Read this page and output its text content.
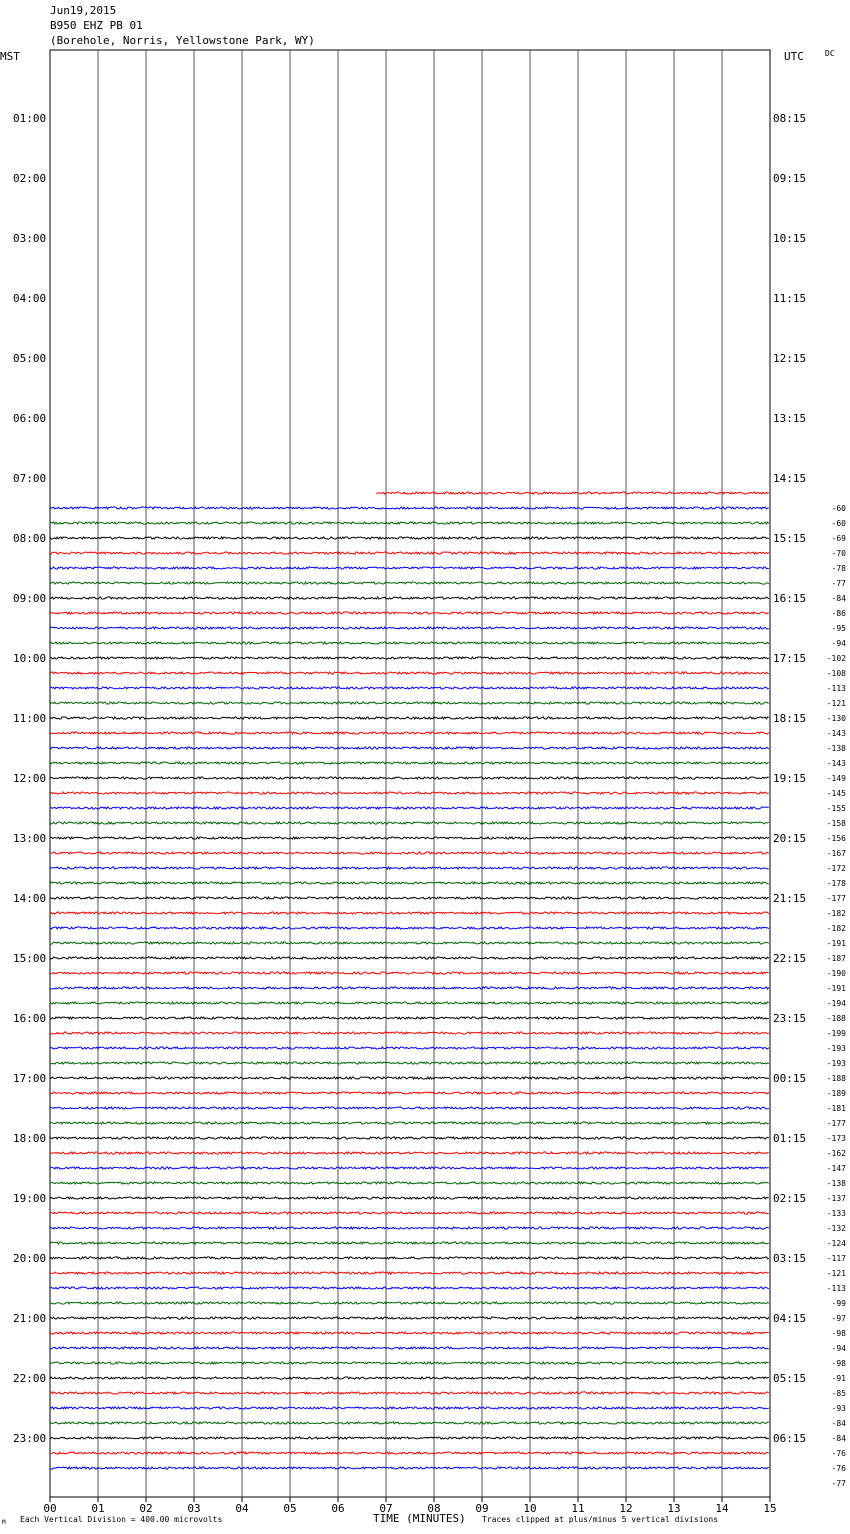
Jun19,2015
B950 EHZ PB 01
(Borehole, Norris, Yellowstone Park, WY)
MST	UTC	DC
M Each Vertical Division = 400.00 microvolts	TIME (MINUTES) Traces clipped at plus/minus 5 vertical divisions
00	01	02	03	04	05	06	07	08	09	10	11	12	13	14	15
01:00
02:00
03:00
04:00
05:00
06:00
07:00
08:00
09:00
10:00
11:00
12:00
13:00
14:00
15:00
16:00
17:00
18:00
19:00
20:00
21:00
22:00
23:00
08:15
09:15
10:15
11:15
12:15
13:15
14:15
15:15
16:15
17:15
18:15
19:15
20:15
21:15
22:15
23:15
00:15
01:15
02:15
03:15
04:15
05:15
06:15
-60
-60
-69
-70
-78
-77
-84
-86
-95
-94
-102
-108
-113
-121
-130
-143
-138
-143
-149
-145
-155
-158
-156
-167
-172
-178
-177
-182
-182
-191
-187
-190
-191
-194
-188
-199
-193
-193
-188
-189
-181
-177
-173
-162
-147
-138
-137
-133
-132
-124
-117
-121
-113
-99
-97
-98
-94
-98
-91
-85
-93
-84
-84
-76
-76
-77
